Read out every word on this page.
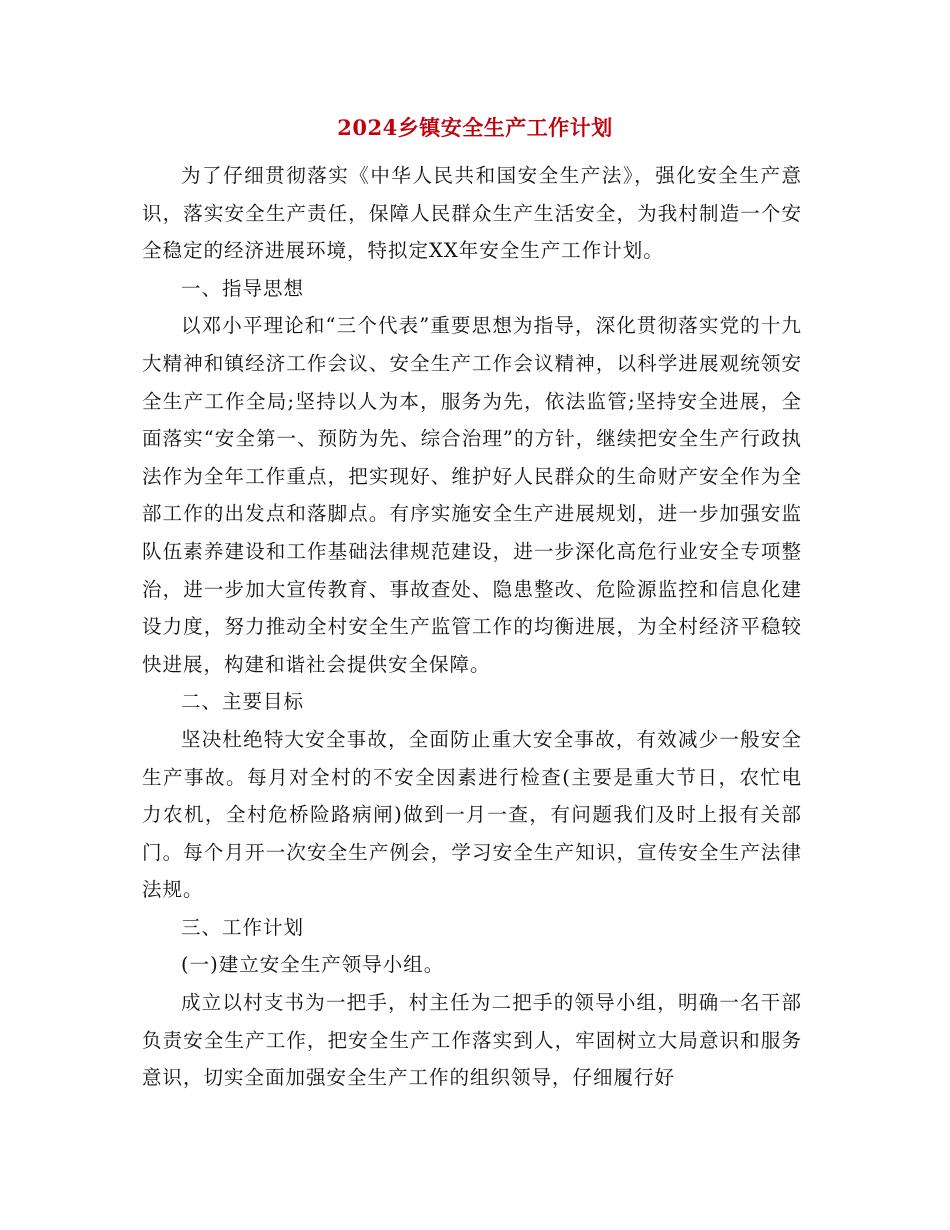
2024乡镇安全生产工作计划

为了仔细贯彻落实《中华人民共和国安全生产法》，强化安全生产意识，落实安全生产责任，保障人民群众生产生活安全，为我村制造一个安全稳定的经济进展环境，特拟定XX年安全生产工作计划。

一、指导思想

以邓小平理论和“三个代表”重要思想为指导，深化贯彻落实党的十九大精神和镇经济工作会议、安全生产工作会议精神，以科学进展观统领安全生产工作全局;坚持以人为本，服务为先，依法监管;坚持安全进展，全面落实“安全第一、预防为先、综合治理”的方针，继续把安全生产行政执法作为全年工作重点，把实现好、维护好人民群众的生命财产安全作为全部工作的出发点和落脚点。有序实施安全生产进展规划，进一步加强安监队伍素养建设和工作基础法律规范建设，进一步深化高危行业安全专项整治，进一步加大宣传教育、事故查处、隐患整改、危险源监控和信息化建设力度，努力推动全村安全生产监管工作的均衡进展，为全村经济平稳较快进展，构建和谐社会提供安全保障。

二、主要目标

坚决杜绝特大安全事故，全面防止重大安全事故，有效减少一般安全生产事故。每月对全村的不安全因素进行检查(主要是重大节日，农忙电力农机，全村危桥险路病闸)做到一月一查，有问题我们及时上报有关部门。每个月开一次安全生产例会，学习安全生产知识，宣传安全生产法律法规。

三、工作计划

(一)建立安全生产领导小组。

成立以村支书为一把手，村主任为二把手的领导小组，明确一名干部负责安全生产工作，把安全生产工作落实到人，牢固树立大局意识和服务意识，切实全面加强安全生产工作的组织领导，仔细履行好
